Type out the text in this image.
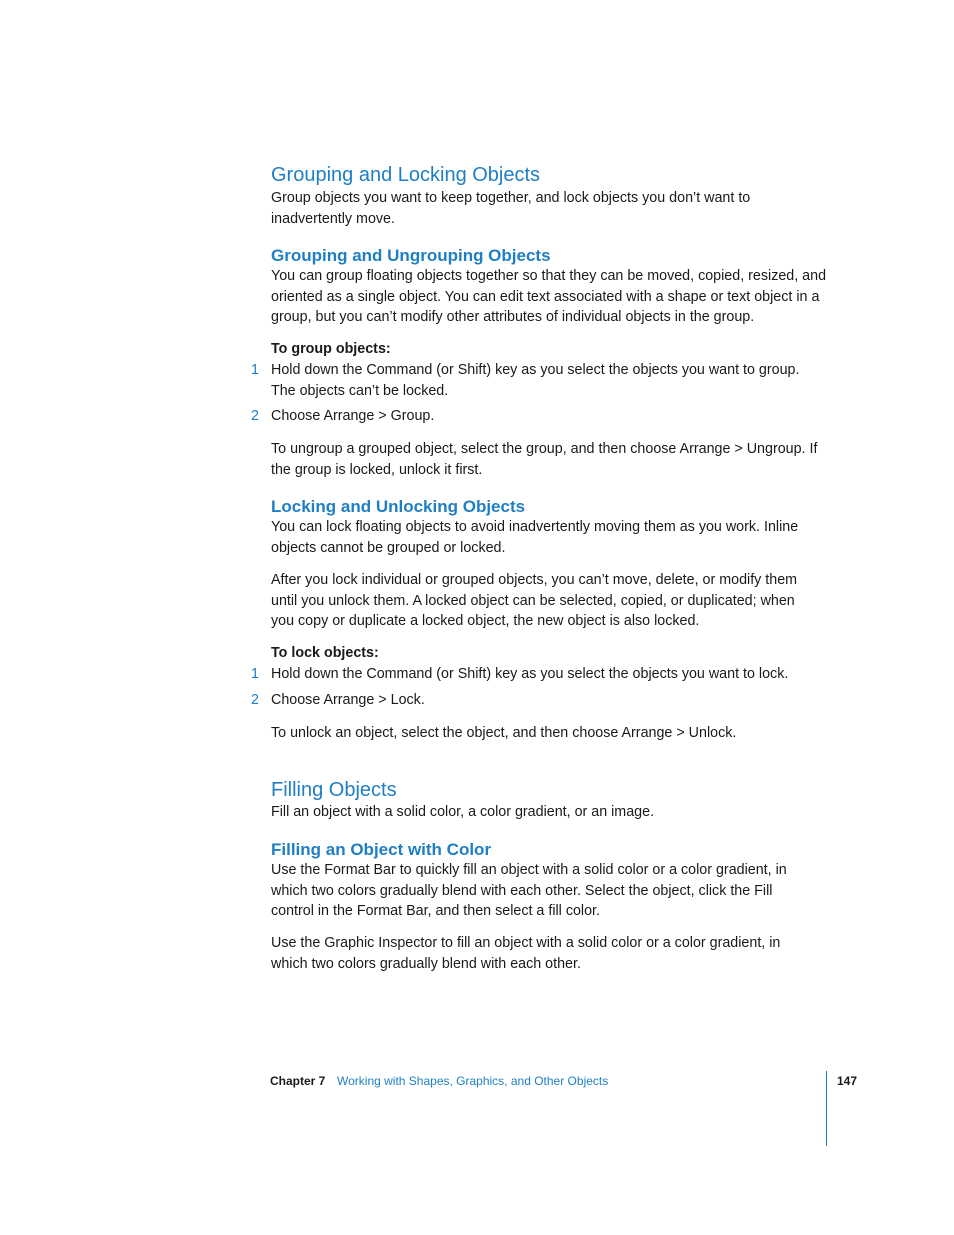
Grouping and Locking Objects
Group objects you want to keep together, and lock objects you don’t want to inadvertently move.
Grouping and Ungrouping Objects
You can group floating objects together so that they can be moved, copied, resized, and oriented as a single object. You can edit text associated with a shape or text object in a group, but you can’t modify other attributes of individual objects in the group.
To group objects:
1 Hold down the Command (or Shift) key as you select the objects you want to group. The objects can’t be locked.
2 Choose Arrange > Group.
To ungroup a grouped object, select the group, and then choose Arrange > Ungroup. If the group is locked, unlock it first.
Locking and Unlocking Objects
You can lock floating objects to avoid inadvertently moving them as you work. Inline objects cannot be grouped or locked.
After you lock individual or grouped objects, you can’t move, delete, or modify them until you unlock them. A locked object can be selected, copied, or duplicated; when you copy or duplicate a locked object, the new object is also locked.
To lock objects:
1 Hold down the Command (or Shift) key as you select the objects you want to lock.
2 Choose Arrange > Lock.
To unlock an object, select the object, and then choose Arrange > Unlock.
Filling Objects
Fill an object with a solid color, a color gradient, or an image.
Filling an Object with Color
Use the Format Bar to quickly fill an object with a solid color or a color gradient, in which two colors gradually blend with each other. Select the object, click the Fill control in the Format Bar, and then select a fill color.
Use the Graphic Inspector to fill an object with a solid color or a color gradient, in which two colors gradually blend with each other.
Chapter 7 Working with Shapes, Graphics, and Other Objects	147
